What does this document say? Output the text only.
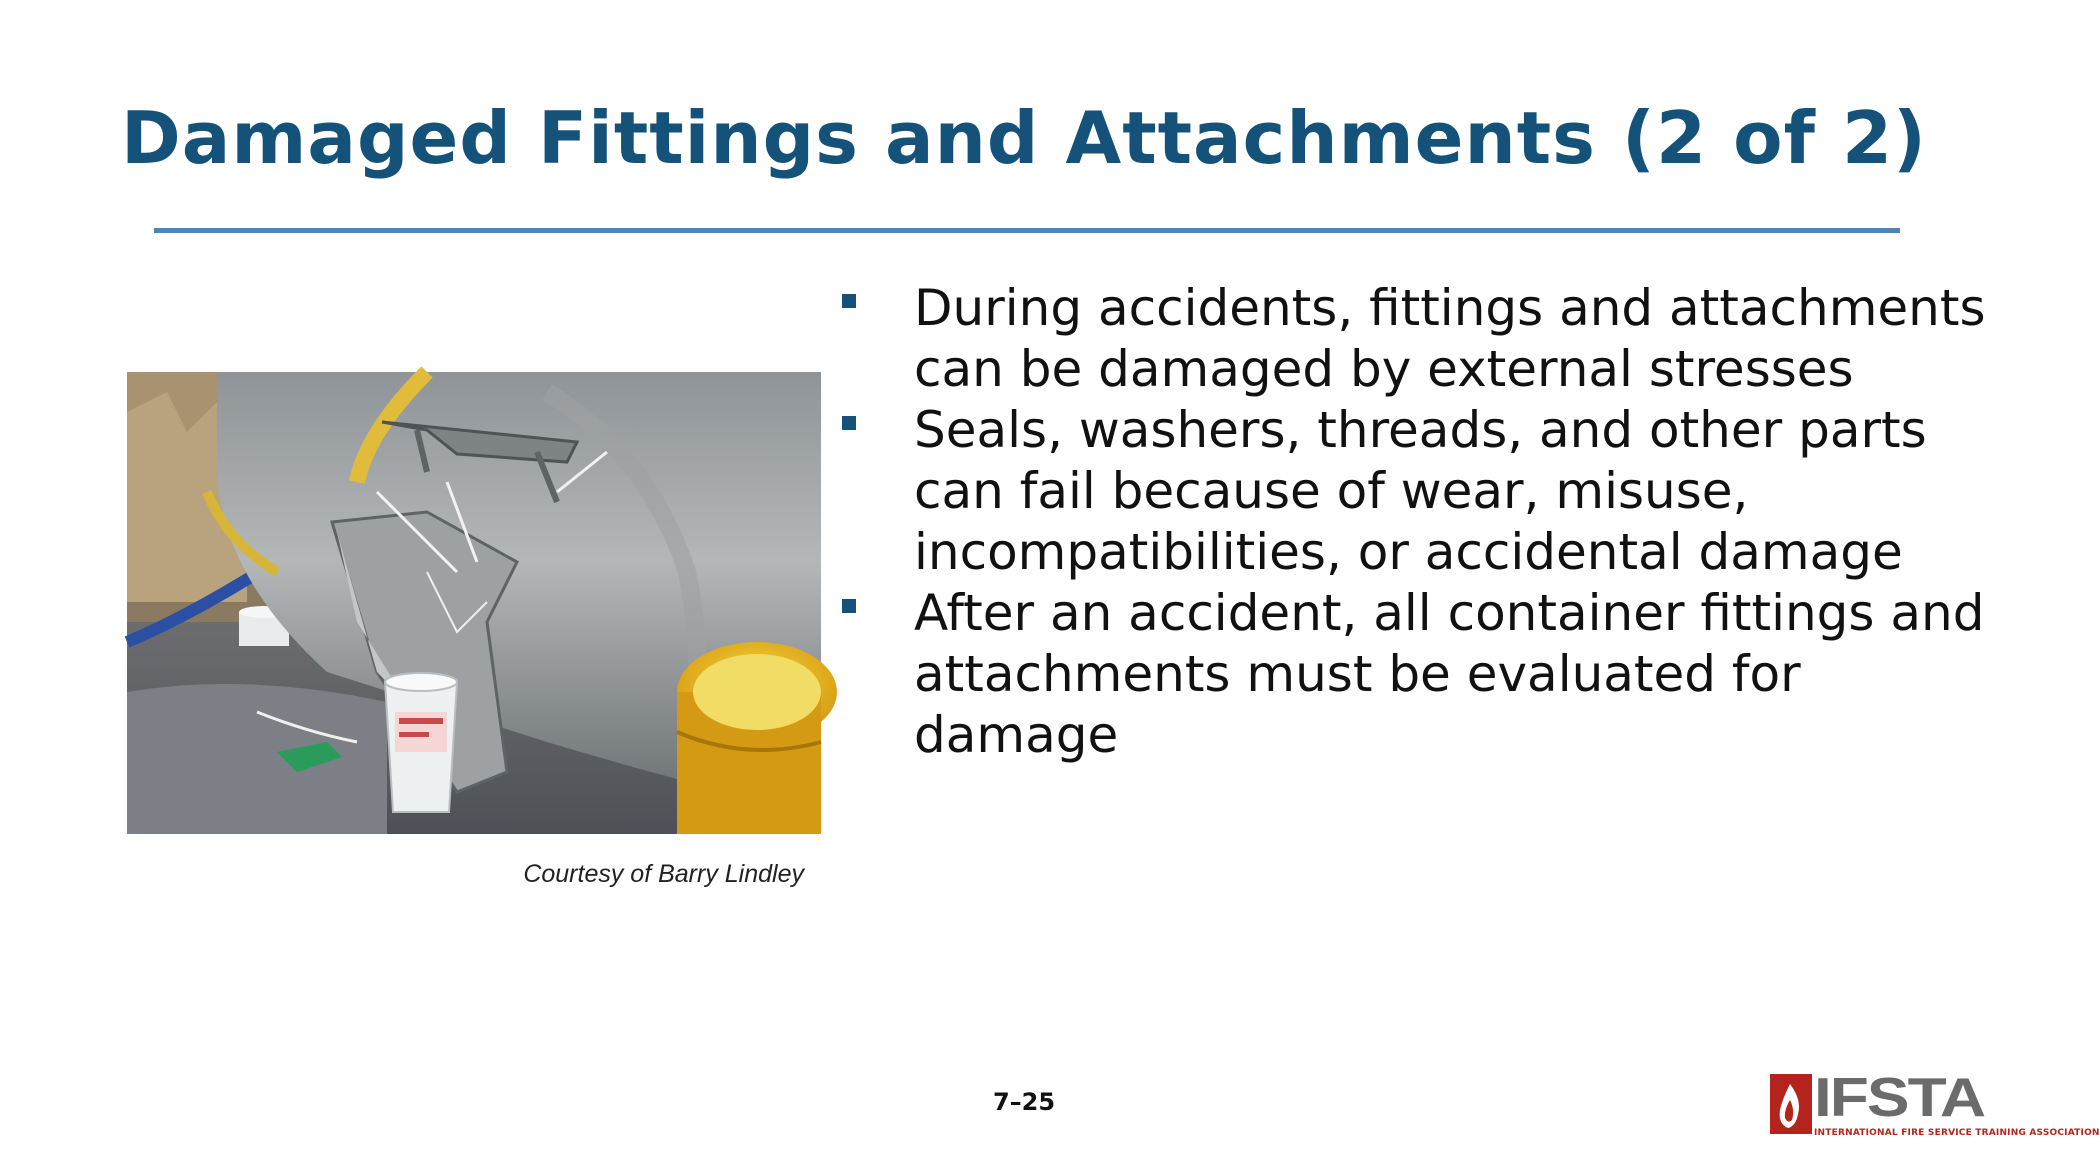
Damaged Fittings and Attachments (2 of 2)
Courtesy of Barry Lindley
During accidents, fittings and attachments can be damaged by external stresses
Seals, washers, threads, and other parts can fail because of wear, misuse, incompatibilities, or accidental damage
After an accident, all container fittings and attachments must be evaluated for damage
7–25	IFSTA
INTERNATIONAL FIRE SERVICE TRAINING ASSOCIATION
